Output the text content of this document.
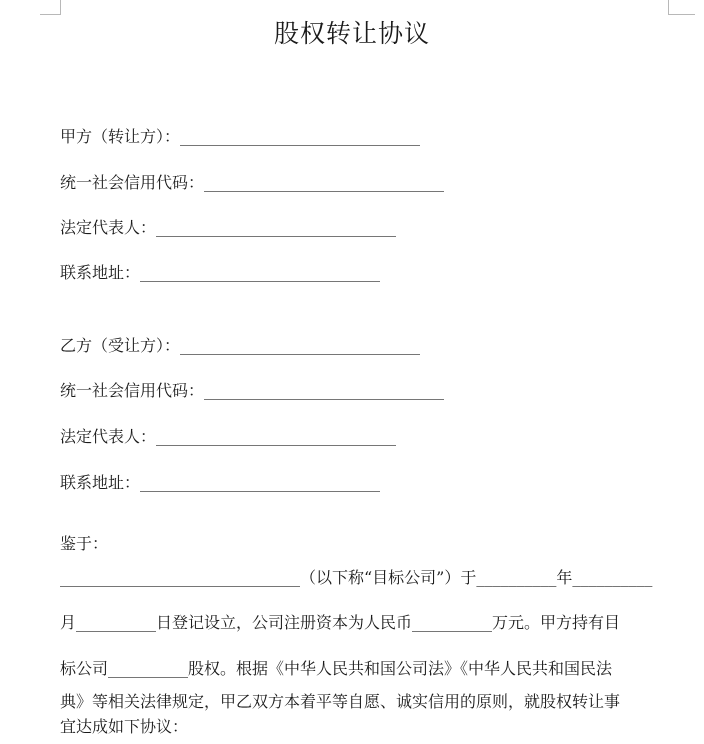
股权转让协议
甲方（转让方）：______________________________
统一社会信用代码：______________________________
法定代表人：______________________________
联系地址：______________________________
乙方（受让方）：______________________________
统一社会信用代码：______________________________
法定代表人：______________________________
联系地址：______________________________
鉴于：
______________________________（以下称“目标公司”）于__________年__________
月__________日登记设立，公司注册资本为人民币__________万元。甲方持有目
标公司__________股权。根据《中华人民共和国公司法》《中华人民共和国民法
典》等相关法律规定，甲乙双方本着平等自愿、诚实信用的原则，就股权转让事
宜达成如下协议：
